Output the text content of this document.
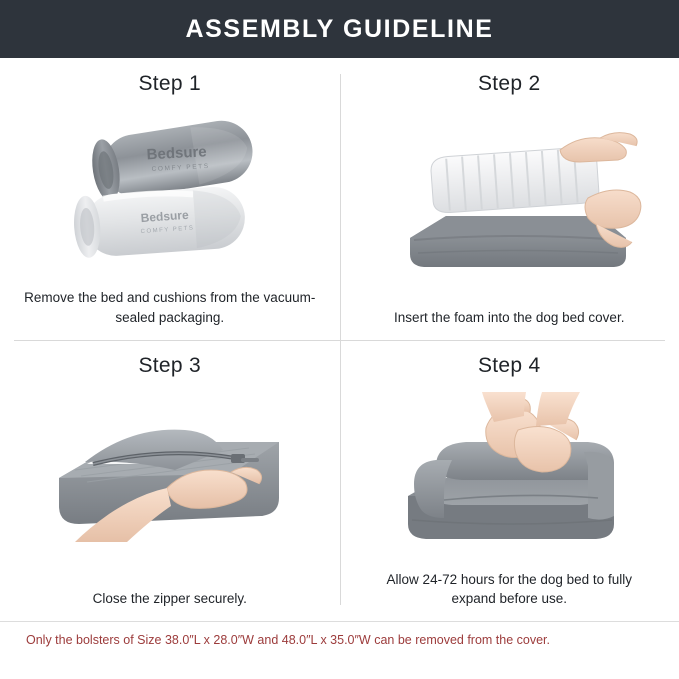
ASSEMBLY GUIDELINE
Step 1
Bedsure
COMFY PETS
Bedsure
COMFY PETS
Remove the bed and cushions from the vacuum-sealed packaging.
Step 2
Insert the foam into the dog bed cover.
Step 3
Close the zipper securely.
Step 4
Allow 24-72 hours for the dog bed to fully expand before use.
Only the bolsters of Size 38.0″L x 28.0″W and 48.0″L x 35.0″W can be removed from the cover.
